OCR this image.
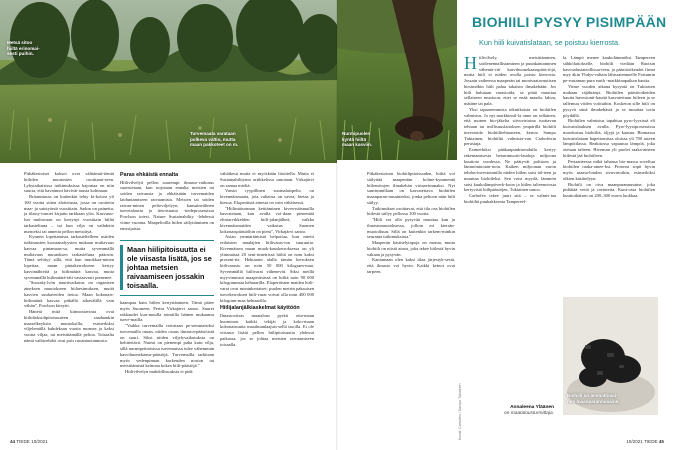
Metsä sitoo
hiiltä erinomai-
sesti puihin.
Turvemaata varataan
polkeva valtio, mutta
maan pakkoteet on m.

Pitkäkestoiset koksot ovat välttämät-tömiä hiiliden muutosten osoittami-seen. Lyhytaikaisissa tutkimuksissa hajontaa on niin suurta, että havainnot hävivät tausta kohinaan.

Britanniassa on kuitenkin tehty ki-koitoa yli 160 vuotta sitten aloitetusta, jossa on osoitettu maa- ja satotyöntä vuosittain. Sadon on painettu, ja tilasty-tomiet kirjattu tarkkaan ylös. Kasvuuu-lun multavaan on kertynyt vuosittain hiiltä tarkasteltuna – tai kun vilja on vaihdettu nurmeksi tai annettu pellon metsittyä.

Kynnön lopettamista tarkasteltelleen usiiden tutkimusten koostanalyysien mukaan multavuus kasvaa pintamaas-sa, mutta syvemmällä multavuus muutoksen tarkasteluna pääosin. Tämä selittyy sillä, että kun muokkaa-minen lopettaa, maan pintakerrokseen kertyy kasvintähteitä ja hiilimäärä kasvaa, mutta syvemmällä hiilimäärä-täti vastaavasti pienenee.

"Suoraky1vön nauttivaikutus on organisen aineksen muutokseen hiilaesimuksen, muttä kasvien suuhaveiden tietoa. Maan kokonais-hiilimäärä kasvaa pitkällä aikavälillä vain vähän", Powlson kiteytti.

Hänetä mitä kiinnostavinta ovat hiilidioksidipitoisuuteen saadaankin maaselkeyksin muutoksilla, esimerkiksi viljelemällä kahdeksan vuotta nurmea ja kaksi vuotta viljaa, tai metsittämällä peltoa. Toisaalta nämä vaihtoehdot ovat pois ruoantuotannosta.

Paras ehkäistä ennalta

Hiilivilvelyä pellon suurempi ilmasto-vaikutus saavutetaan, kun torjutaan ennalta metsien tai soiden raivausta ja ehkäistään turvemaiden laiduntamiseen raivaamista. Metsien tai soiden raivaa-minen peltoviljelyyn, kansainvälinen turvetaloutta ja tietoisuutta -tiedeprosessissa Powlson totesi. Nature Sustainability -lehdessä viime vuonna. Maapeltoilla hiilen säilyttäminen on ensisijaista.

Maan hiilipitoisuutta ei ole viisasta lisätä, jos se johtaa metsien raivaamiseen jossakin toisaalla.

kaampaa kuin hiilen kerryttäminen. Tämä pätee myös Suomeen, Perttu Virkajärvi sanoo. Suuret rakkaudet kuu-muulla toimiilla häinen mukaansa turve-mailla.

"Vaikka turvemailla raivataan pe-semmaisiksi turvemailla ruuan, niiden osuus ilmastovpäästöistä on suuri. Siksi niiden viljelyvaikutuksia on kehitettävä. Nurmi on pienempi paha kuin vilja, sillä nurmipeittoisissa turvemaissa tulee vähemmän kasvihuonekaasu-päästöjä. Turvemailla tarkitaan myös vedenpinnan korkeuden noston tai metsittämistä keinona kokea hiili-päästöjä."

Hiilivilvelyn mahdollisuuksia ei pidä

vähätkesä mutta ei myöskään liioittella. Mutta ei Sustainabilitymn artikkelissa sanotaan. Virkajärvi on samaa mieltä.

Varsin ryypillinen suomalaispelto on kivennäismaata, jota valtaosa on savea, hietaa ja hiesua. Eloperäistä ainesta on vain vähäisessä.

"Hiilimäisonnan keittäminen kiven-näismailla kasvatetaan, kun avalla voi-daan pienentää elintarvikkeiden hiili-jalanjälkeä, vaikka kivennäismaiden vaikutus Suomen kokonaispäästöihin on pieni", Virkajärvi sanoo.

Asian ymmärtämistä helpottaa, kun mietti erilaisten maalajien hiilivaras-ton suuruutta. Kivennäisen maan muok-kauskerroksessa on yli ylimmässä 20 sent-timetrissä hiiltä on noin kaksi prosent-tia. Hehtaarin alalla tämän kerroksen hiilivarasto on noin 50 000 kilogram-maa. Syvemmällä hiilivarat vähenevät. Siksi meillä myyvimmisä maaperäsässä on hiiltä noin 90 000 kilogrammaa hehtaarilla. Eloperäisten maiden hiili-varat ovat moninkertaiset: puolen metrin paksuisen turvekerroksen hiili-varat voivat olla noin 400 000 kilogram-maa hehtaarilla.

Hiilijalanjälkiaskelmat käyttöön

Ilmastoviisas maatalous pyrkii otta-maan huomioon kaikki tekijät ja koko-maan kokonaisuutta maailmanlaajuis-sellä tasolla. Ei ole viisasta lisätä pellon hiilipitoisuutta yhdessä paikassa, jos se johtaa metsien raivaamiseen toisaalla.

44 TIEDE 10/2021
Nurmipuolen
kyntä hiiltä
maan kasviin.
BIOHIILI PYSYY PISIMPÄÄN
Kun hiili kuivatislataan, se poistuu kierrosta.

H iilivilvely, metsittäminen, soidenennallistaminen ja puunkantaminen vähentä-vät kasvihuonekaasupääs-töjä, mutta hiili ei niiden avulla poistu kierrosta. Jossain vaiheessa maaperän tai monivaatavuutisen hirsimökin hiili palaa takaisin ilmakehään. Jos hiili halutaan varastoida, se pitää muuttaa sellaiseen muotoon, ettei se enää maadu, lahoa, mätäne tai pala.

Yksi tapaaremmista tekniikoista on biohiilen valmistus. Jo nyt markkinoil-la onne on sellainen, että monen bio-jäkelta siivuvirtoina tuottavan tehtaan tai teollisuuslaitoksen ympärillä biohiili investoida biohiilitehtaaseen, kertoo Sampo Tukiainen, biohiiltä valmista-van Carbofexin perustaja.

Esimerkiksi pääkaupunkiseudulla kertyy rakentamisesta betonimuotti-laudoja miljoona kuutiota vuodessa. Ne päätyvät polttoon ja lämmöntuotan-toon. Kaiken miljoonan euron tehdas-investoinnilla niiden hiilen saisi tal-teen ja muuttaa biohiileksi. Sen voisi myydä, lämmön saisi kaukolämpöverk-koon ja hiilen talteenotosta kertyvistä hiilipäästöjen, Tukiainen sanoo.

Carbofex tekee juuri sitä – se valmis-taa biohiiltä puuhakkeesta Tampereel-

la. Lämpö menee kaukolämmöksi Tampereen sähkölaitokselle, biohiili viedään Ruotsin kasvualustateollisuu-teen, ja päästöoikeudet firma myy äkin Yhdys-valtain lähisraiennoelle Fortumin pe-rustaman pura earth -markkinapaikan kautta.

Viime vuoden aikana kysyntä on Tukiaisen mukaan räjähtänyt. Biohiilen päästöoikeiden kautta huvestonti-kauttä kasvatettuun hiileen ja se tallentuu viiden voittuihin. Kosketon sille hiili on pysyvä siinä ilmakehästä ja se muuttaa torin pöydällä.

Biohiilen valmistus tapahtuu pyro-lyysissä eli kuivatislauksen avulla. Pyro-lyysiprosessissa muodostuu biohiiltä, öljyjä ja kaasua. Biomassa kuivatislataan hapettomissa oloissa yli 700 asteen lämpötilassa. Reaktiossa vapautuu lämpöä, joka otetaan talteen. Hiveman yli puolet raaka-aineen hiilestä jää biohiileen.

Periaatteessa mikä tahansa bio-massa soveltuu biohiilen raaka-ainee-ksi. Prosessi sopii hyvin myös maata-louden sivuvirtoihin, esimerkiksi olkien käsittelyyn.

Biohiili on oiva maanparannusaine, joka pidättää vettä ja ravinteita. Kunt-ossa biohiilen kuutioikäisen on 200–300 euron luokkaa.

Pitkäkestoisen biohiilipitoisuuden, hiiltä voi säilyttää maaperään kolme-kymmentä hiilensitojen ilmakehän virtaavimmaksi. Nyt suurimmillaan on kasvatettava biohiilen maanparan-nusaineeksi, jonka peltoon näin hiili säilyy.

Tutkimukset osoittavat, että tila osa biohiilen hiilestä säilyy pellossa 100 vuotta.

"Hiili voi olla pysyvää muuttaa kun ja ilmastomuutoksessa, jolloin eri kierrän-muotoiluun. Sillä on kuitenkin tarkem-minkin seuranta tutkimuksissa."

Maaperän käsittelytapoja on monia, mutta biohiili on niistä ainoa, joka tekee hiilestä hyvin vakaan ja pysyvän.

Kantamaan olen kaksi tilaa järjestyk-sestä, että ilmasto voi hyvin. Kaikki keinot ovat tarpeen.

Annaleena Yläänen
on maatalousturmittaja.
Biohiili on ammattimai-
nen maanparannusaine.
Kuvat: Carbofex / Sampo Tukiainen
10/2021 TIEDE 45
